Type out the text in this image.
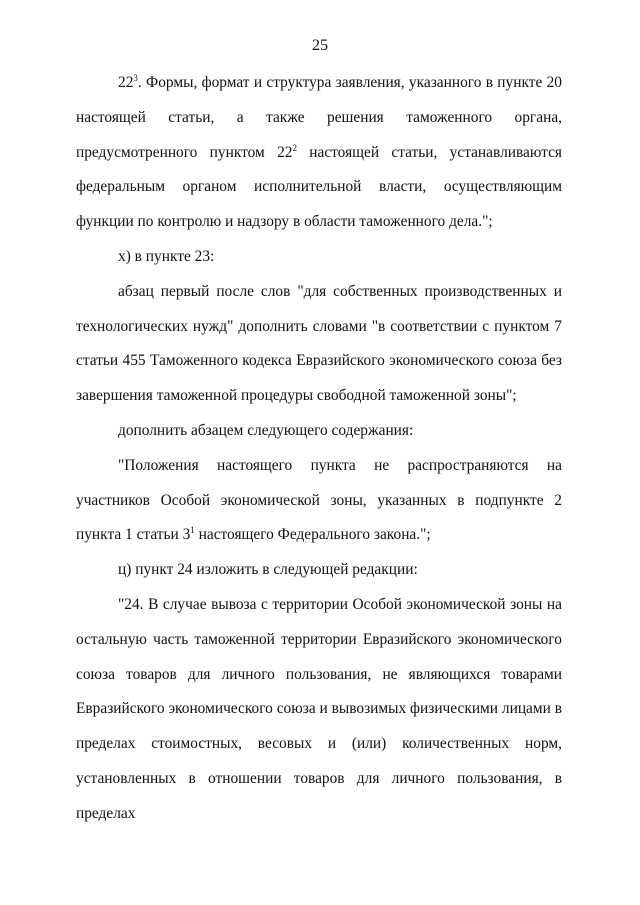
25

$22^3$. Формы, формат и структура заявления, указанного в пункте 20 настоящей статьи, а также решения таможенного органа, предусмотренного пунктом $22^2$ настоящей статьи, устанавливаются федеральным органом исполнительной власти, осуществляющим функции по контролю и надзору в области таможенного дела.";

х) в пункте 23:

абзац первый после слов "для собственных производственных и технологических нужд" дополнить словами "в соответствии с пунктом 7 статьи 455 Таможенного кодекса Евразийского экономического союза без завершения таможенной процедуры свободной таможенной зоны";

дополнить абзацем следующего содержания:

"Положения настоящего пункта не распространяются на участников Особой экономической зоны, указанных в подпункте 2 пункта 1 статьи $3^1$ настоящего Федерального закона.";

ц) пункт 24 изложить в следующей редакции:

"24. В случае вывоза с территории Особой экономической зоны на остальную часть таможенной территории Евразийского экономического союза товаров для личного пользования, не являющихся товарами Евразийского экономического союза и вывозимых физическими лицами в пределах стоимостных, весовых и (или) количественных норм, установленных в отношении товаров для личного пользования, в пределах
